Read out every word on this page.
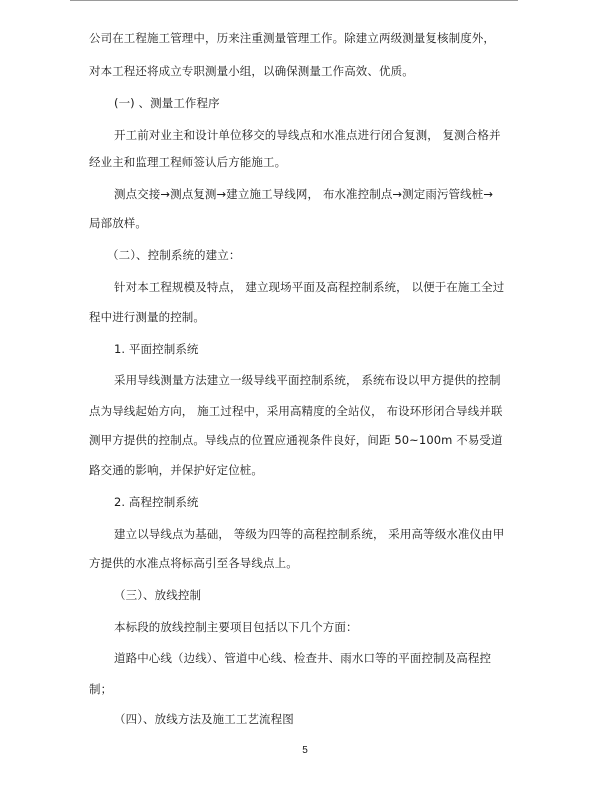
公司在工程施工管理中，历来注重测量管理工作。除建立两级测量复核制度外，
对本工程还将成立专职测量小组，以确保测量工作高效、优质。
(一) 、测量工作程序
开工前对业主和设计单位移交的导线点和水准点进行闭合复测， 复测合格并
经业主和监理工程师签认后方能施工。
测点交接→测点复测→建立施工导线网， 布水准控制点→测定雨污管线桩→
局部放样。
（二）、控制系统的建立：
针对本工程规模及特点， 建立现场平面及高程控制系统， 以便于在施工全过
程中进行测量的控制。
1. 平面控制系统
采用导线测量方法建立一级导线平面控制系统， 系统布设以甲方提供的控制
点为导线起始方向， 施工过程中，采用高精度的全站仪， 布设环形闭合导线并联
测甲方提供的控制点。导线点的位置应通视条件良好，间距 50~100m 不易受道
路交通的影响，并保护好定位桩。
2. 高程控制系统
建立以导线点为基础， 等级为四等的高程控制系统， 采用高等级水准仪由甲
方提供的水准点将标高引至各导线点上。
（三）、放线控制
本标段的放线控制主要项目包括以下几个方面：
道路中心线（边线）、管道中心线、检查井、雨水口等的平面控制及高程控
制；
（四）、放线方法及施工工艺流程图
5
